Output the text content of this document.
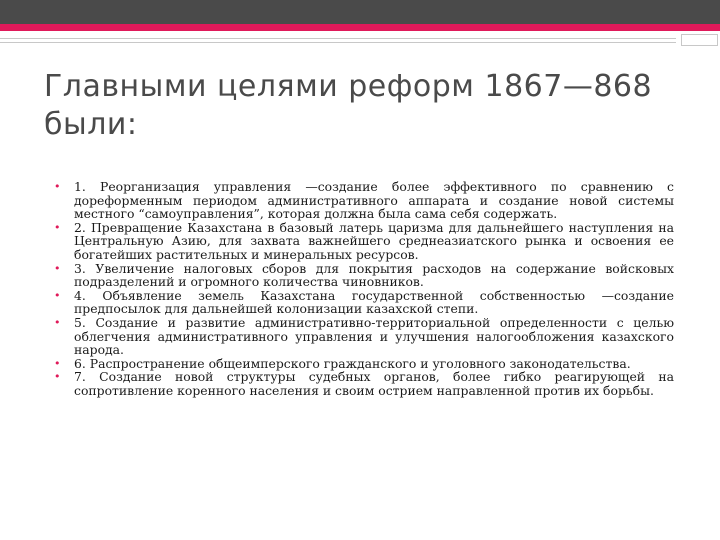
Главными целями реформ 1867—868 были:
• 1. Реорганизация управления —создание более эффективного по сравнению с дореформенным периодом административного аппарата и создание новой системы местного “самоуправления”, которая должна была сама себя содержать.
• 2. Превращение Казахстана в базовый латерь царизма для дальнейшего наступления на Центральную Азию, для захвата важнейшего среднеазиатского рынка и освоения ее богатейших растительных и минеральных ресурсов.
• 3. Увеличение налоговых сборов для покрытия расходов на содержание войсковых подразделений и огромного количества чиновников.
• 4. Объявление земель Казахстана государственной собственностью —создание предпосылок для дальнейшей колонизации казахской степи.
• 5. Создание и развитие административно-территориальной определенности с целью облегчения административного управления и улучшения налогообложения казахского народа.
• 6. Распространение общеимперского гражданского и уголовного законодательства.
• 7. Создание новой структуры судебных органов, более гибко реагирующей на сопротивление коренного населения и своим острием направленной против их борьбы.
